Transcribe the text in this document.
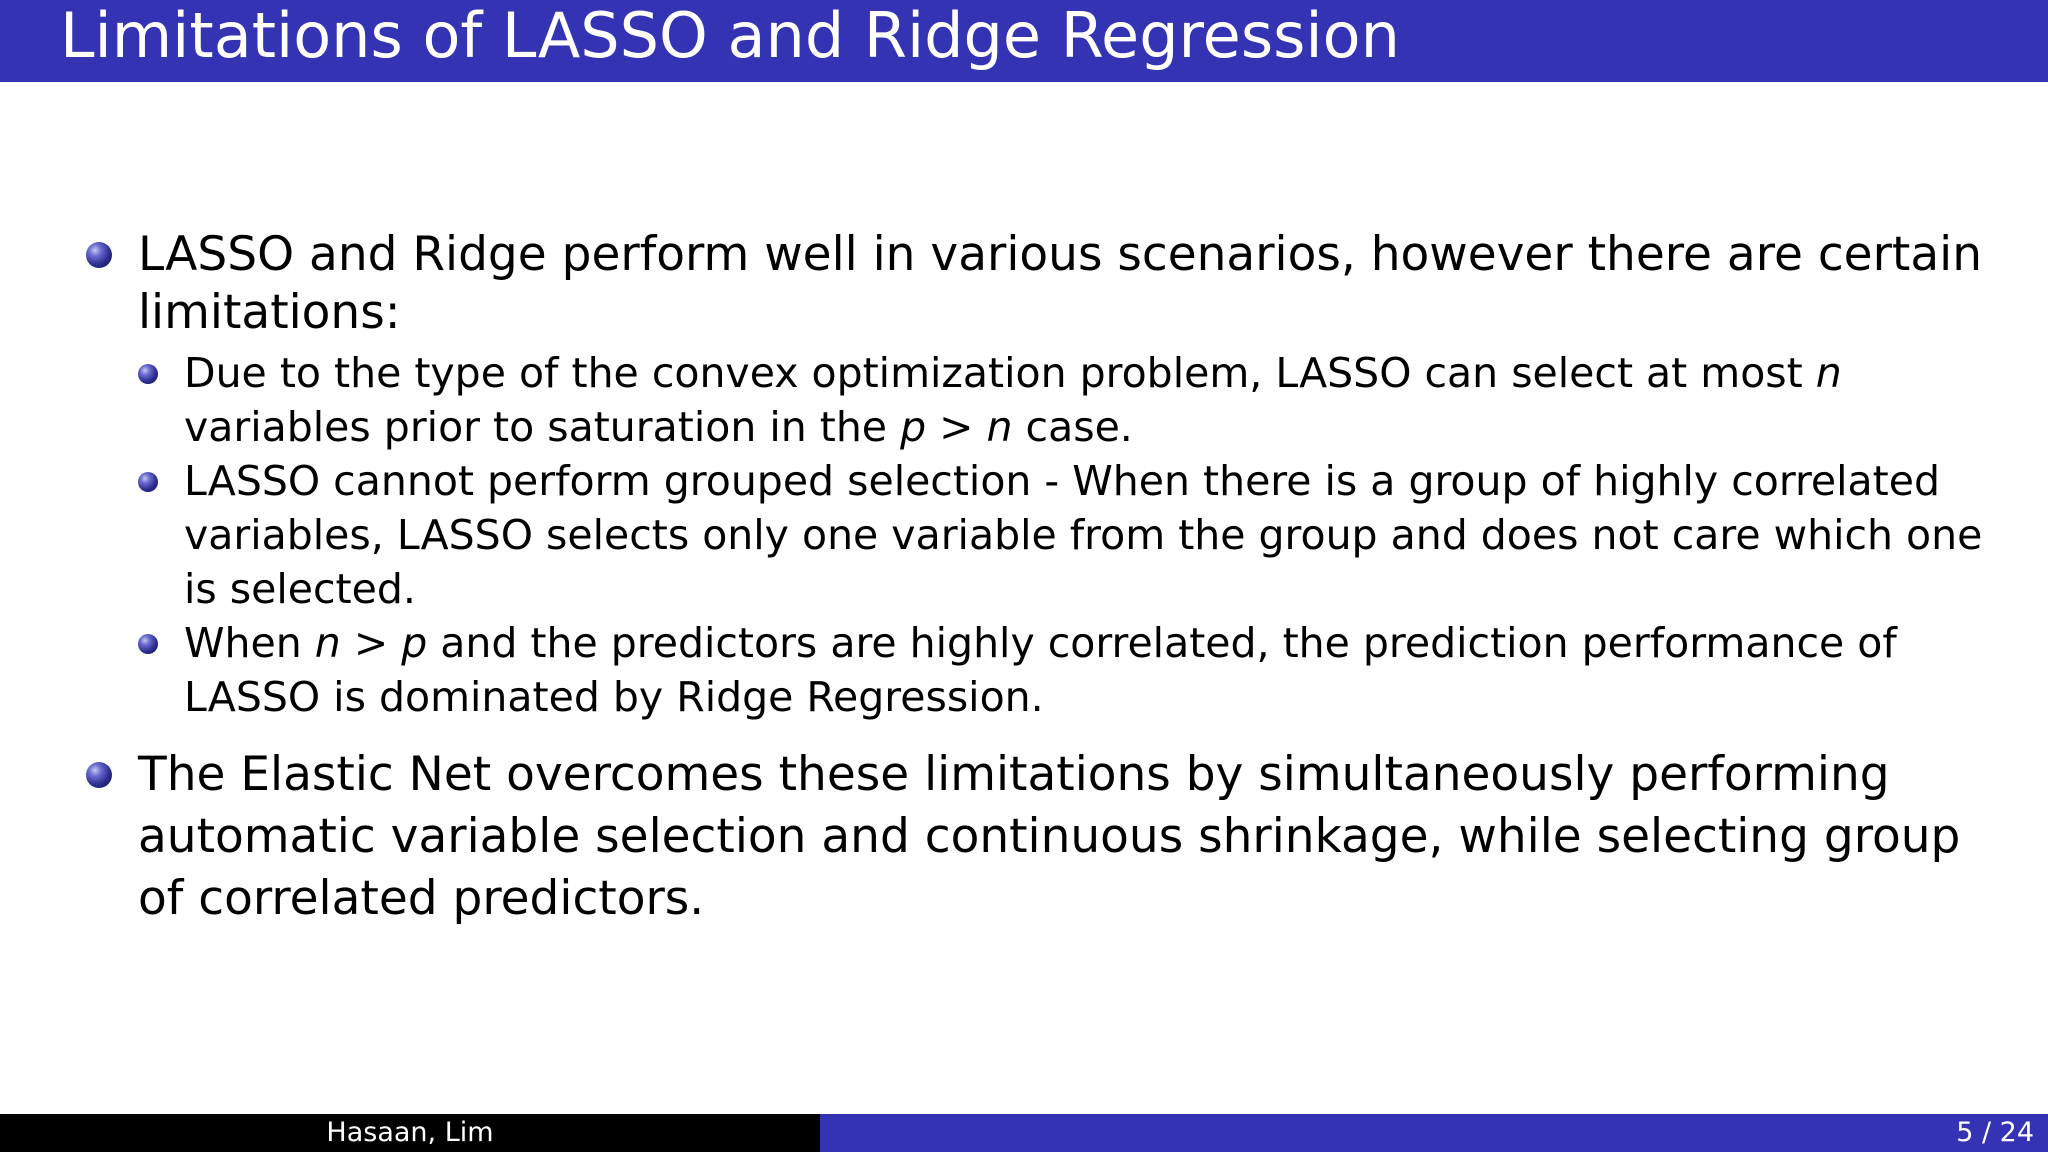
Limitations of LASSO and Ridge Regression
LASSO and Ridge perform well in various scenarios, however there are certain limitations:
Due to the type of the convex optimization problem, LASSO can select at most n variables prior to saturation in the p > n case.
LASSO cannot perform grouped selection - When there is a group of highly correlated variables, LASSO selects only one variable from the group and does not care which one is selected.
When n > p and the predictors are highly correlated, the prediction performance of LASSO is dominated by Ridge Regression.
The Elastic Net overcomes these limitations by simultaneously performing automatic variable selection and continuous shrinkage, while selecting group of correlated predictors.
Hasaan, Lim	5 / 24
